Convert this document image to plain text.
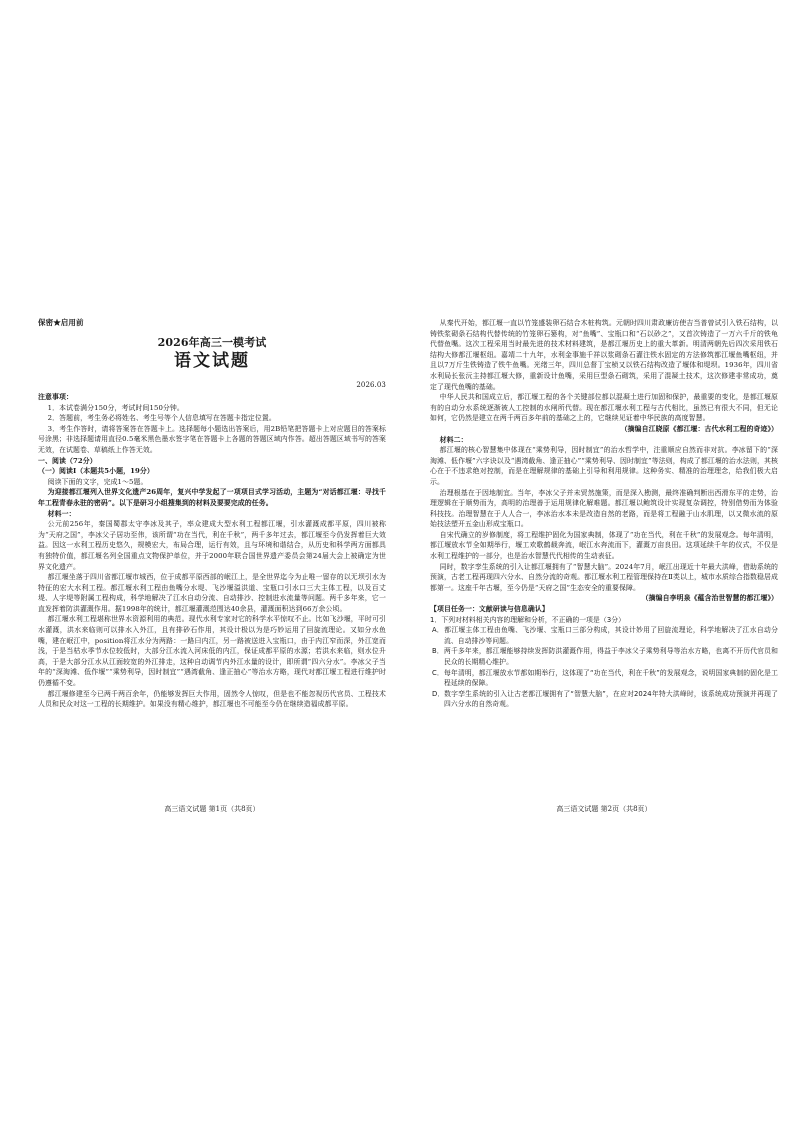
保密★启用前
2026年高三一模考试
语文试题
2026.03

注意事项：

1．本试卷满分150分，考试时间150分钟。

2．答题前，考生务必将姓名、考生号等个人信息填写在答题卡指定位置。

3．考生作答时，请将答案答在答题卡上。选择题每小题选出答案后，用2B铅笔把答题卡上对应题目的答案标号涂黑；非选择题请用直径0.5毫米黑色墨水签字笔在答题卡上各题的答题区域内作答。超出答题区域书写的答案无效，在试题卷、草稿纸上作答无效。

一、阅读（72分）

（一）阅读Ⅰ（本题共5小题，19分）

阅读下面的文字，完成1～5题。

为迎接都江堰列入世界文化遗产26周年，复兴中学发起了一项项目式学习活动，主题为“对话都江堰：寻找千年工程青春永驻的密码”。以下是研习小组搜集到的材料及要要完成的任务。

材料一：

公元前256年，秦国蜀郡太守李冰及其子，率众建成大型水利工程都江堰，引水灌溉成都平原，四川被称为“天府之国”，李冰父子居功至伟，该所谓“功在当代，利在千秋”，两千多年过去，都江堰至今仍发挥着巨大效益。因这一水利工程历史悠久，规模宏大，布局合理，运行有效，且与环境和谐结合，从历史和科学两方面都具有独特价值，都江堰名列全国重点文物保护单位，并于2000年联合国世界遗产委员会第24届大会上被确定为世界文化遗产。

都江堰坐落于四川省都江堰市城西，位于成都平原西部的岷江上，是全世界迄今为止唯一留存的以无坝引水为特征的宏大水利工程。都江堰水利工程由鱼嘴分水堤、飞沙堰溢洪道、宝瓶口引水口三大主体工程，以及百丈堤、人字堤等附属工程构成，科学地解决了江水自动分流、自动排沙、控制进水流量等问题。两千多年来，它一直发挥着防洪灌溉作用。据1998年的统计，都江堰灌溉范围达40余县，灌溉面积达到66万余公顷。

都江堰水利工程堪称世界水资源利用的典范。现代水利专家对它的科学水平惊叹不止。比如飞沙堰，平时可引水灌溉，洪水来临则可以排水入外江，且有排砂石作用，其设计极以为是巧妙运用了回旋流理论。又如分水鱼嘴，建在岷江中，position将江水分为两路：一路曰内江，另一路被送进入宝瓶口，由于内江窄而深，外江宽而浅，于是当枯水季节水位较低时，大部分江水流入河床低的内江，保证成都平原的水源；若洪水来临，则水位升高，于是大部分江水从江面较宽的外江排走，这种自动调节内外江水量的设计，即所谓“四六分水”。李冰父子当年的“深淘滩、低作堰”“乘势利导，因时制宜”“遇湾截角、逢正抽心”等治水方略，现代对都江堰工程进行维护时仍遵循不变。

都江堰修建至今已两千两百余年，仍能够发挥巨大作用，固然令人惊叹，但是也不能忽视历代官员、工程技术人员和民众对这一工程的长期维护。如果没有精心维护，都江堰也不可能至今仍在继续造福成都平原。

从秦代开始，都江堰一直以竹笼盛装卵石结合木桩构筑。元朝时四川肃政廉访使吉当普曾试引入铁石结构，以铸铁浆砌条石结构代替传统的竹笼卵石篓构，对“鱼嘴”、宝瓶口和“石以砂之”，又首次铸造了一万六千斤的铁龟代替鱼嘴。这次工程采用当时最先进的技术材料建筑，是都江堰历史上的重大革新。明清两朝先后四次采用铁石结构大修都江堰枢纽。嘉靖二十九年，水利金事施千祥以浆砌条石灌注铁水固定的方法修筑都江堰鱼嘴枢纽，并且以7万斤生铁铸造了铁牛鱼嘴。光绪三年，四川总督丁宝桢又以铁石结构改造了堰体和堤坝。1936年，四川省水利局长张沅主持都江堰大修，重新设计鱼嘴，采用巨型条石砌筑，采用了混凝土技术，这次修建非常成功，奠定了现代鱼嘴的基础。

中华人民共和国成立后，都江堰工程的各个关键部位都以混凝土进行加固和保护，最重要的变化，是都江堰原有的自动分水系统逐渐被人工控制的水闸所代替。现在都江堰水利工程与古代相比，虽然已有很大不同，但无论如何，它仍然是建立在两千两百多年前的基础之上的，它继续见证着中华民族的高度智慧。

（摘编自江晓原《都江堰：古代水利工程的奇迹》）

材料二：

都江堰的核心智慧集中体现在“乘势利导，因时制宜”的治水哲学中，注重顺应自然而非对抗。李冰留下的“深淘滩、低作堰”六字诀以及“遇湾截角、逢正抽心”“乘势利导、因时制宜”等法则，构成了都江堰的治水法则，其核心在于不违求绝对控制，而是在理解规律的基础上引导和利用规律。这种务实、精准的治理理念，给我们极大启示。

治理根基在于因地制宜。当年，李冰父子并未贸然施策，而是深入勘测，最终准确判断出西滑东平的走势，治理逻辑在于顺势而为，高明的治理善于运用规律化解难题。都江堰以鲍筑设计实现复杂调控，特别借势而为体验科技技。治理智慧在于人人合一，李冰治水本未是改造自然的老路，而是将工程融于山水肌理，以又微水流的原始技法塑开五金山形成宝瓶口。

自宋代确立的岁修制度，将工程维护固化为国家典制，体现了“功在当代，利在千秋”的发展观念。每年清明，都江堰放水节全如期举行，堰工欢歌鹤载奔流，岷江水奔流而下，灌溉万亩良田。这项延续千年的仪式，不仅是水利工程维护的一部分，也是治水智慧代代相传的生动表征。

同时，数字孪生系统的引入让都江堰拥有了“智慧大脑”。2024年7月，岷江出现近十年最大洪峰，借助系统的预演，古老工程再现四六分水、自然分流的奇观。都江堰水利工程管理保持在Ⅱ类以上，城市水质综合指数稳居成都第一。这座千年古堰，至今仍是“天府之国”生态安全的重要保障。

（摘编自李明泉《蕴含治世智慧的都江堰》）

【项目任务一：文献研读与信息确认】

1．下列对材料相关内容的理解和分析，不正确的一项是（3分）

A．都江堰主体工程由鱼嘴、飞沙堰、宝瓶口三部分构成，其设计妙用了回旋流理论，科学地解决了江水自动分流、自动排沙等问题。

B．两千多年来，都江堰能够持续发挥防洪灌溉作用，得益于李冰父子乘势利导等治水方略，也离不开历代官员和民众的长期精心维护。

C．每年清明，都江堰放水节都如期举行，这体现了“功在当代，利在千秋”的发展观念，说明国家典制的固化是工程延续的保障。

D．数字孪生系统的引入让古老都江堰拥有了“智慧大脑”，在应对2024年特大洪峰时，该系统成功预演并再现了四六分水的自然奇观。

高三语文试题 第1页（共8页）	高三语文试题 第2页（共8页）
